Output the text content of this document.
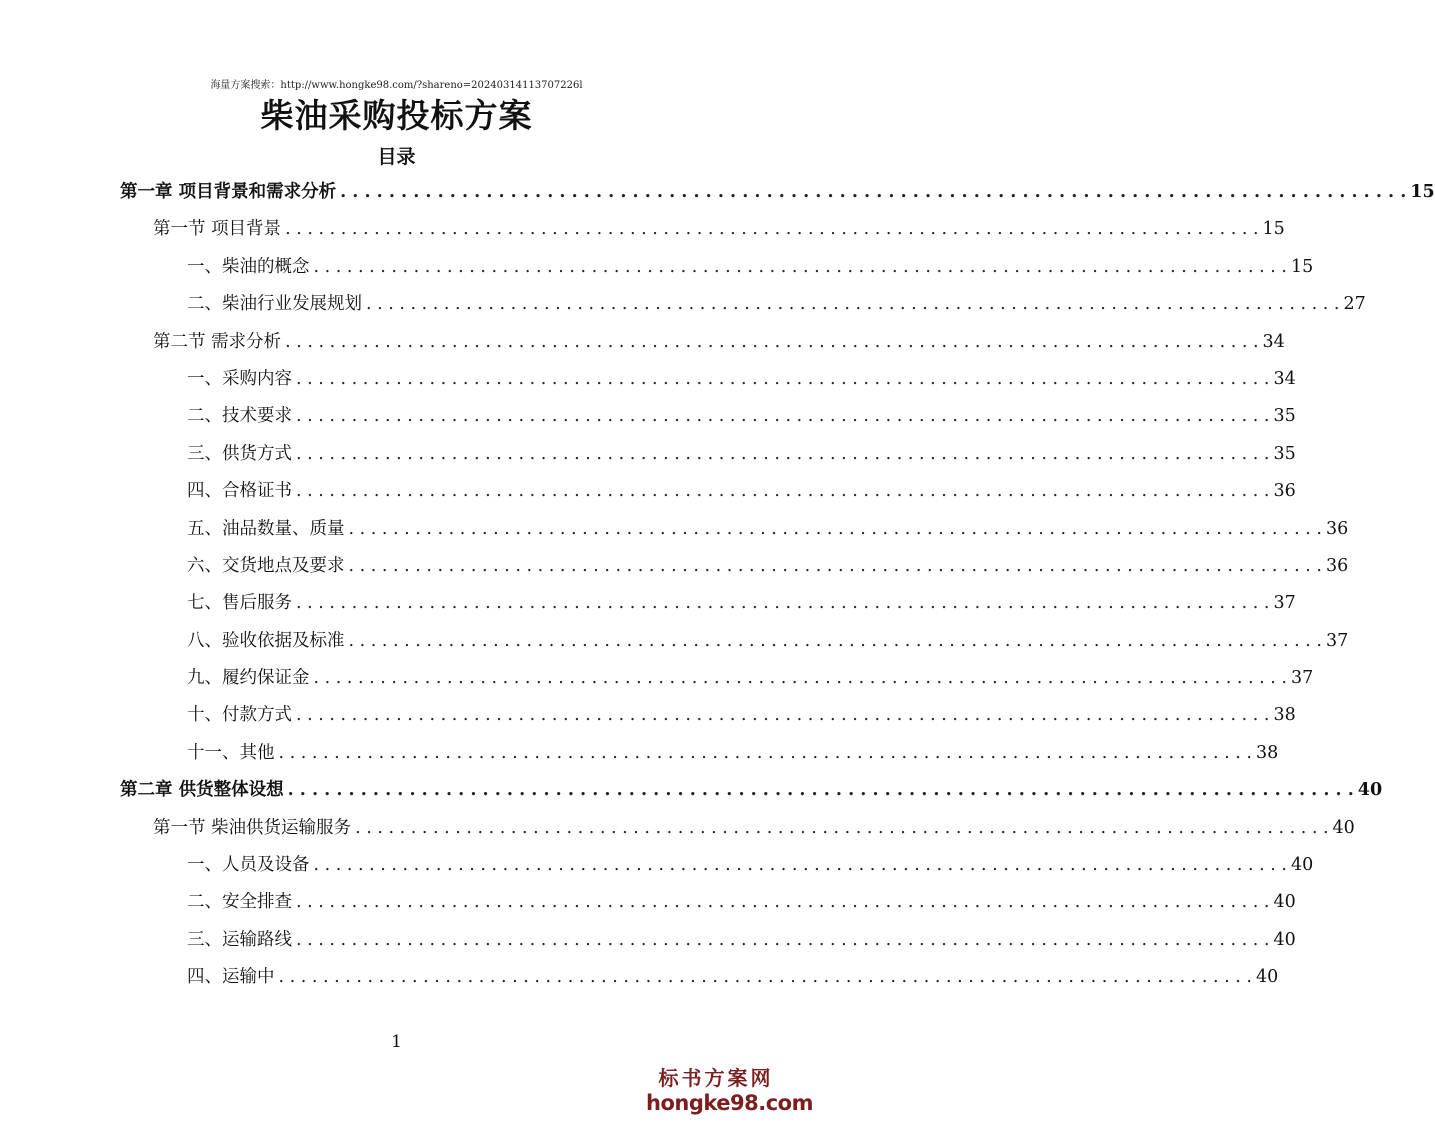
海量方案搜索：http://www.hongke98.com/?shareno=20240314113707226l
柴油采购投标方案
目录
第一章 项目背景和需求分析 . . .	15
第一节 项目背景 . . .	15
一、柴油的概念 . . .	15
二、柴油行业发展规划 . . .	27
第二节 需求分析 . . .	34
一、采购内容 . . .	34
二、技术要求 . . .	35
三、供货方式 . . .	35
四、合格证书 . . .	36
五、油品数量、质量 . . .	36
六、交货地点及要求 . . .	36
七、售后服务 . . .	37
八、验收依据及标准 . . .	37
九、履约保证金 . . .	37
十、付款方式 . . .	38
十一、其他 . . .	38
第二章 供货整体设想 . . .	40
第一节 柴油供货运输服务 . . .	40
一、人员及设备 . . .	40
二、安全排查 . . .	40
三、运输路线 . . .	40
四、运输中 . . .	40
1
标书方案网
hongke98.com
